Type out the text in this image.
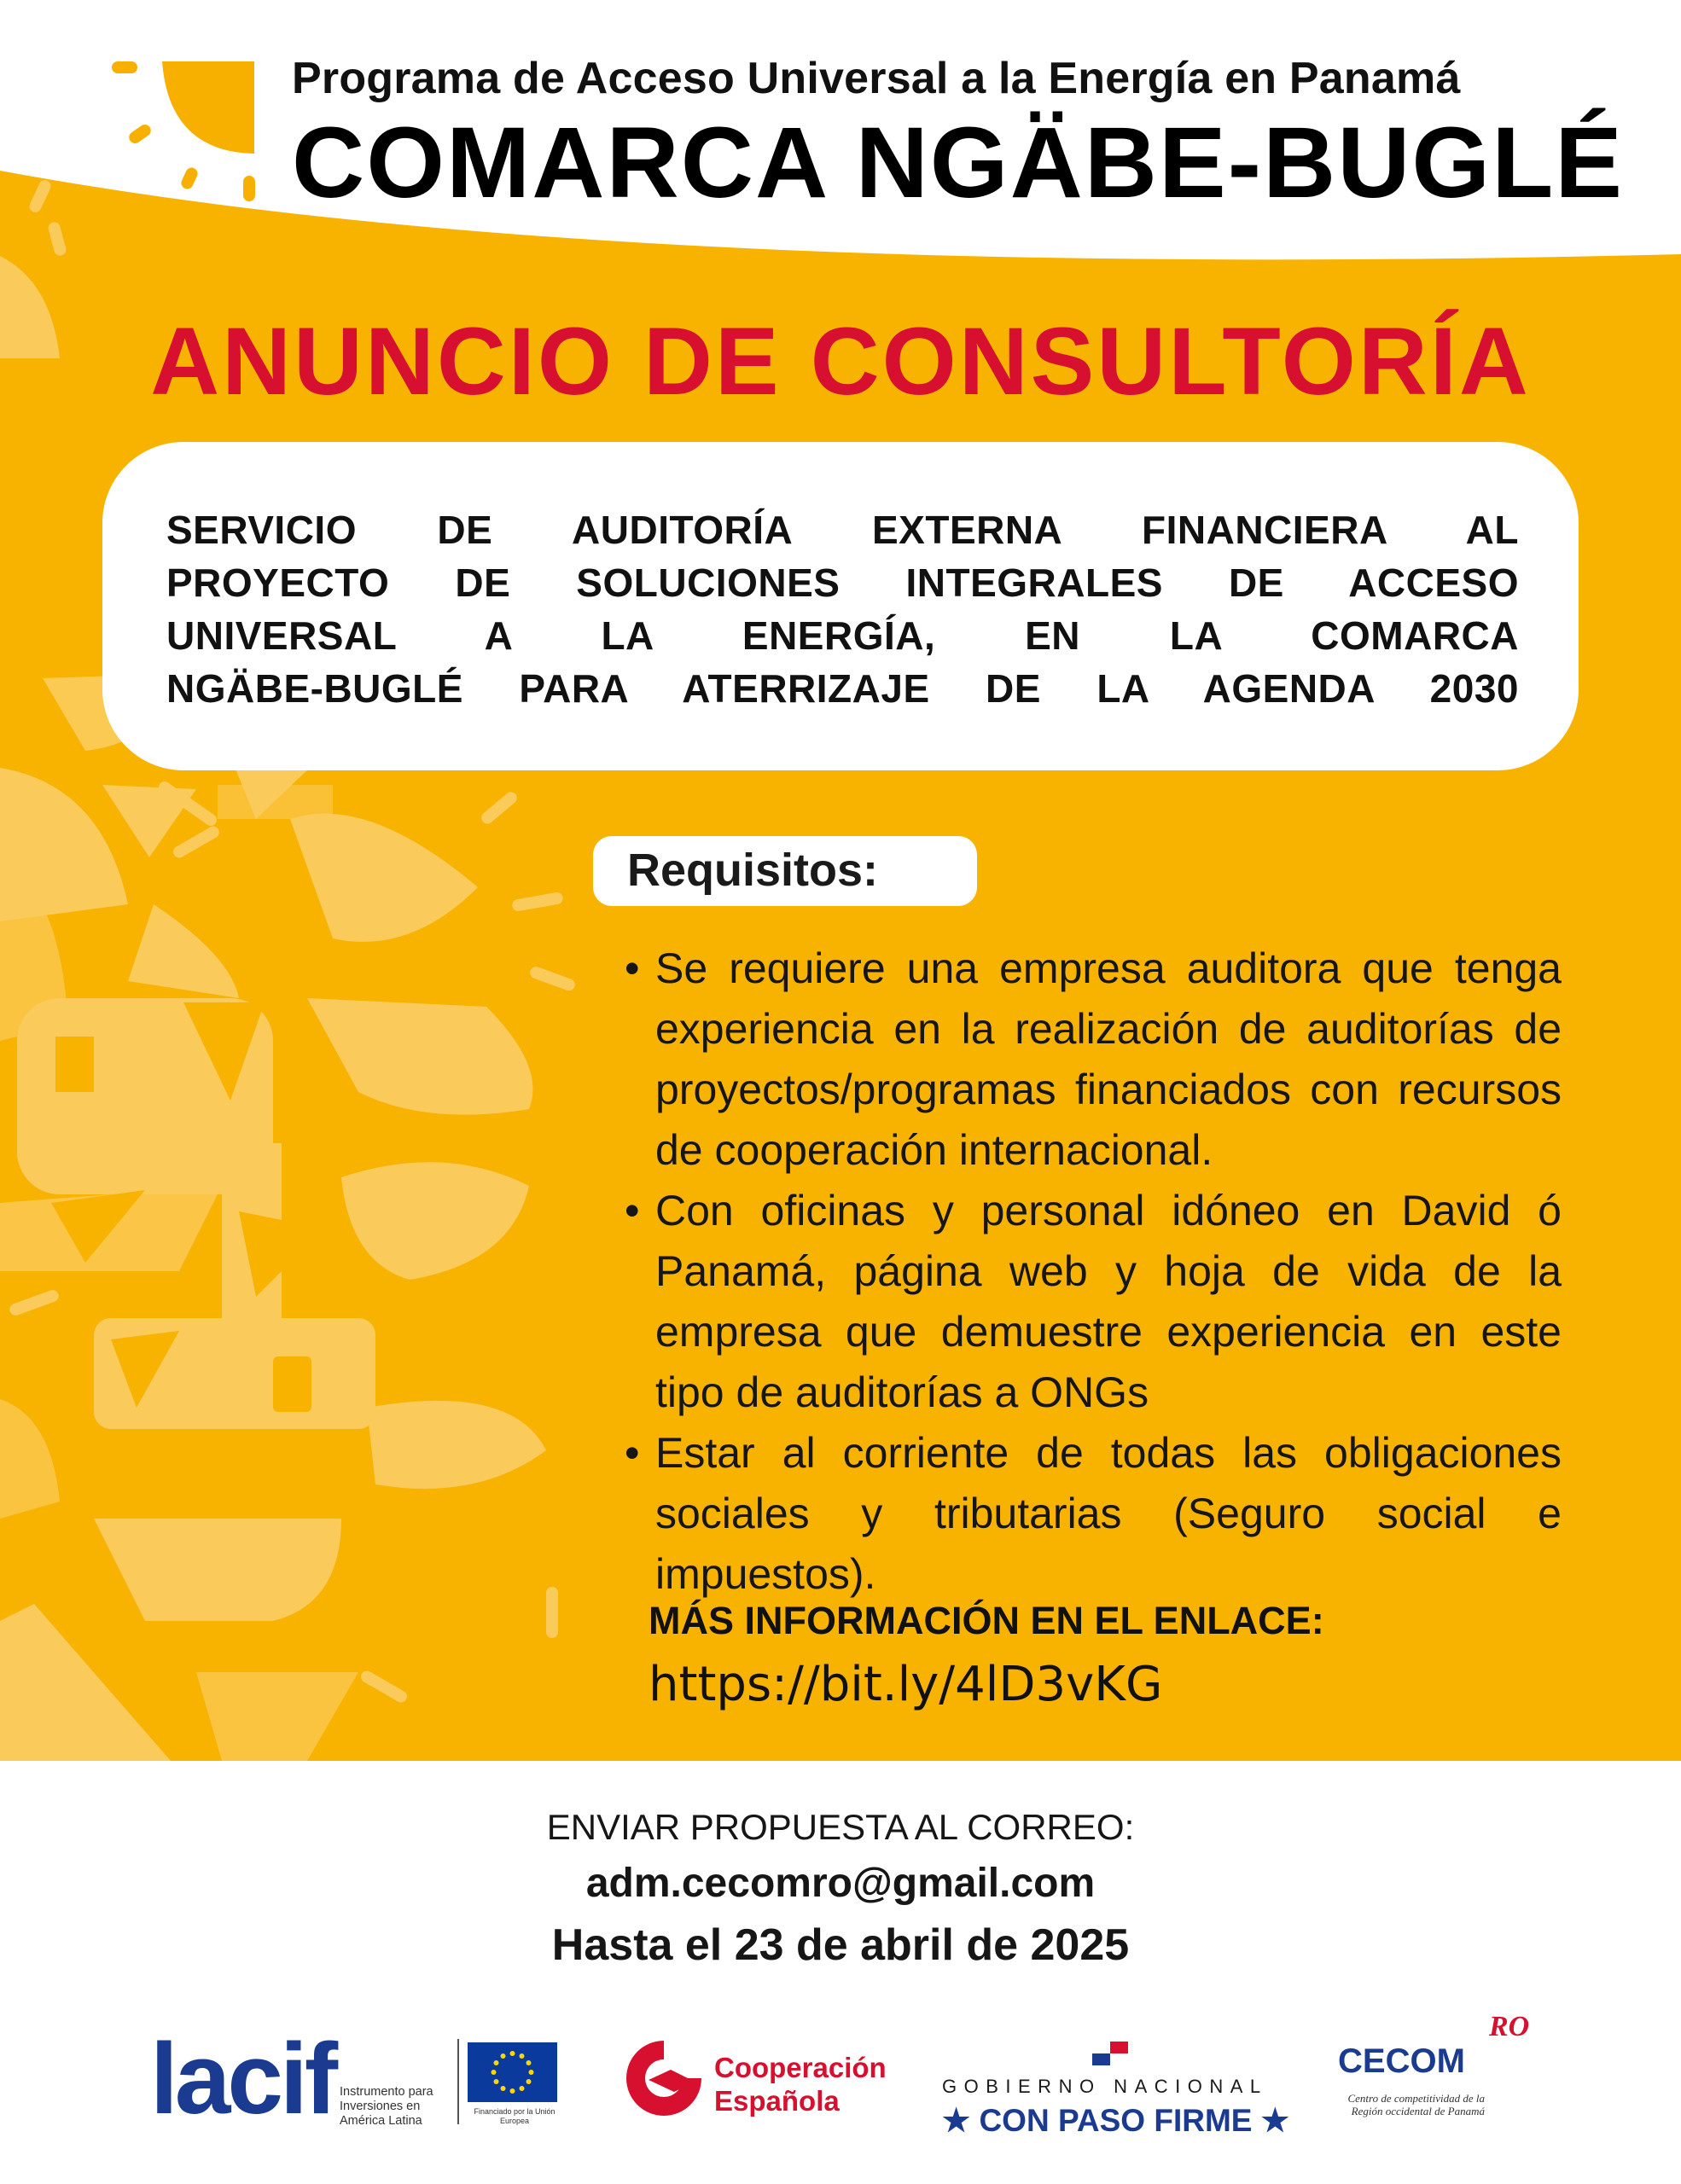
Programa de Acceso Universal a la Energía en Panamá
COMARCA NGÄBE-BUGLÉ
ANUNCIO DE CONSULTORÍA
SERVICIO DE AUDITORÍA EXTERNA FINANCIERA AL
PROYECTO DE SOLUCIONES INTEGRALES DE ACCESO
UNIVERSAL A LA ENERGÍA, EN LA COMARCA
NGÄBE-BUGLÉ PARA ATERRIZAJE DE LA AGENDA 2030
Requisitos:
• Se requiere una empresa auditora que tenga experiencia en la realización de auditorías de proyectos/programas financiados con recursos de cooperación internacional.
• Con oficinas y personal idóneo en David ó Panamá, página web y hoja de vida de la empresa que demuestre experiencia en este tipo de auditorías a ONGs
• Estar al corriente de todas las obligaciones sociales y tributarias (Seguro social e impuestos).
MÁS INFORMACIÓN EN EL ENLACE:
https://bit.ly/4lD3vKG
ENVIAR PROPUESTA AL CORREO:
adm.cecomro@gmail.com
Hasta el 23 de abril de 2025
lacif Instrumento para Inversiones en América Latina
Financiado por la Unión Europea
Cooperación
Española	GOBIERNO NACIONAL
★ CON PASO FIRME ★
RO
CECOM
Centro de competitividad de la Región occidental de Panamá
